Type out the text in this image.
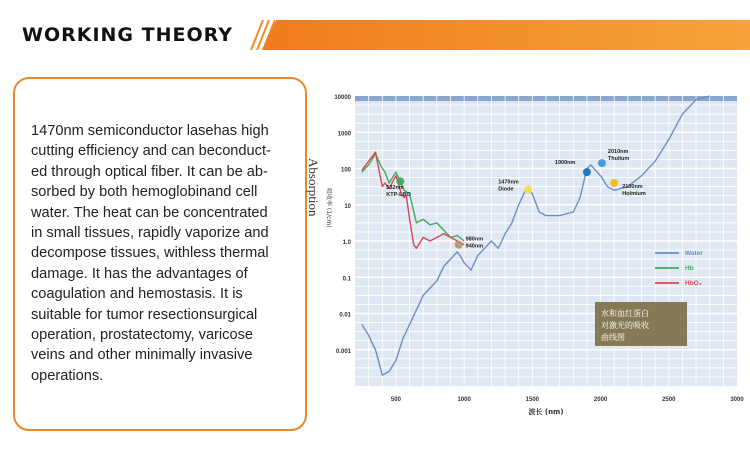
WORKING THEORY

1470nm semiconductor lasehas high
cutting efficiency and can beconduct-
ed through optical fiber. It can be ab-
sorbed by both hemoglobinand cell
water. The heat can be concentrated
in small tissues, rapidly vaporize and
decompose tissues, withless thermal
damage. It has the advantages of
coagulation and hemostasis. It is
suitable for tumor resectionsurgical
operation, prostatectomy, varicose
veins and other minimally invasive
operations.

10000
1000
100
10
1.0
0.1
0.01
0.001
500	1000	1500	2000	2500	3000
波长 (nm)
Absorption 吸收率 (1/cm)	532nm
KTP-LBO
980nm
940nm
1470nm
Diode
1900nm
2010nm
Thulium
2100nm
Holmium
Water
Hb
HbO₂
水和血红蛋白
对激光的吸收
曲线图
